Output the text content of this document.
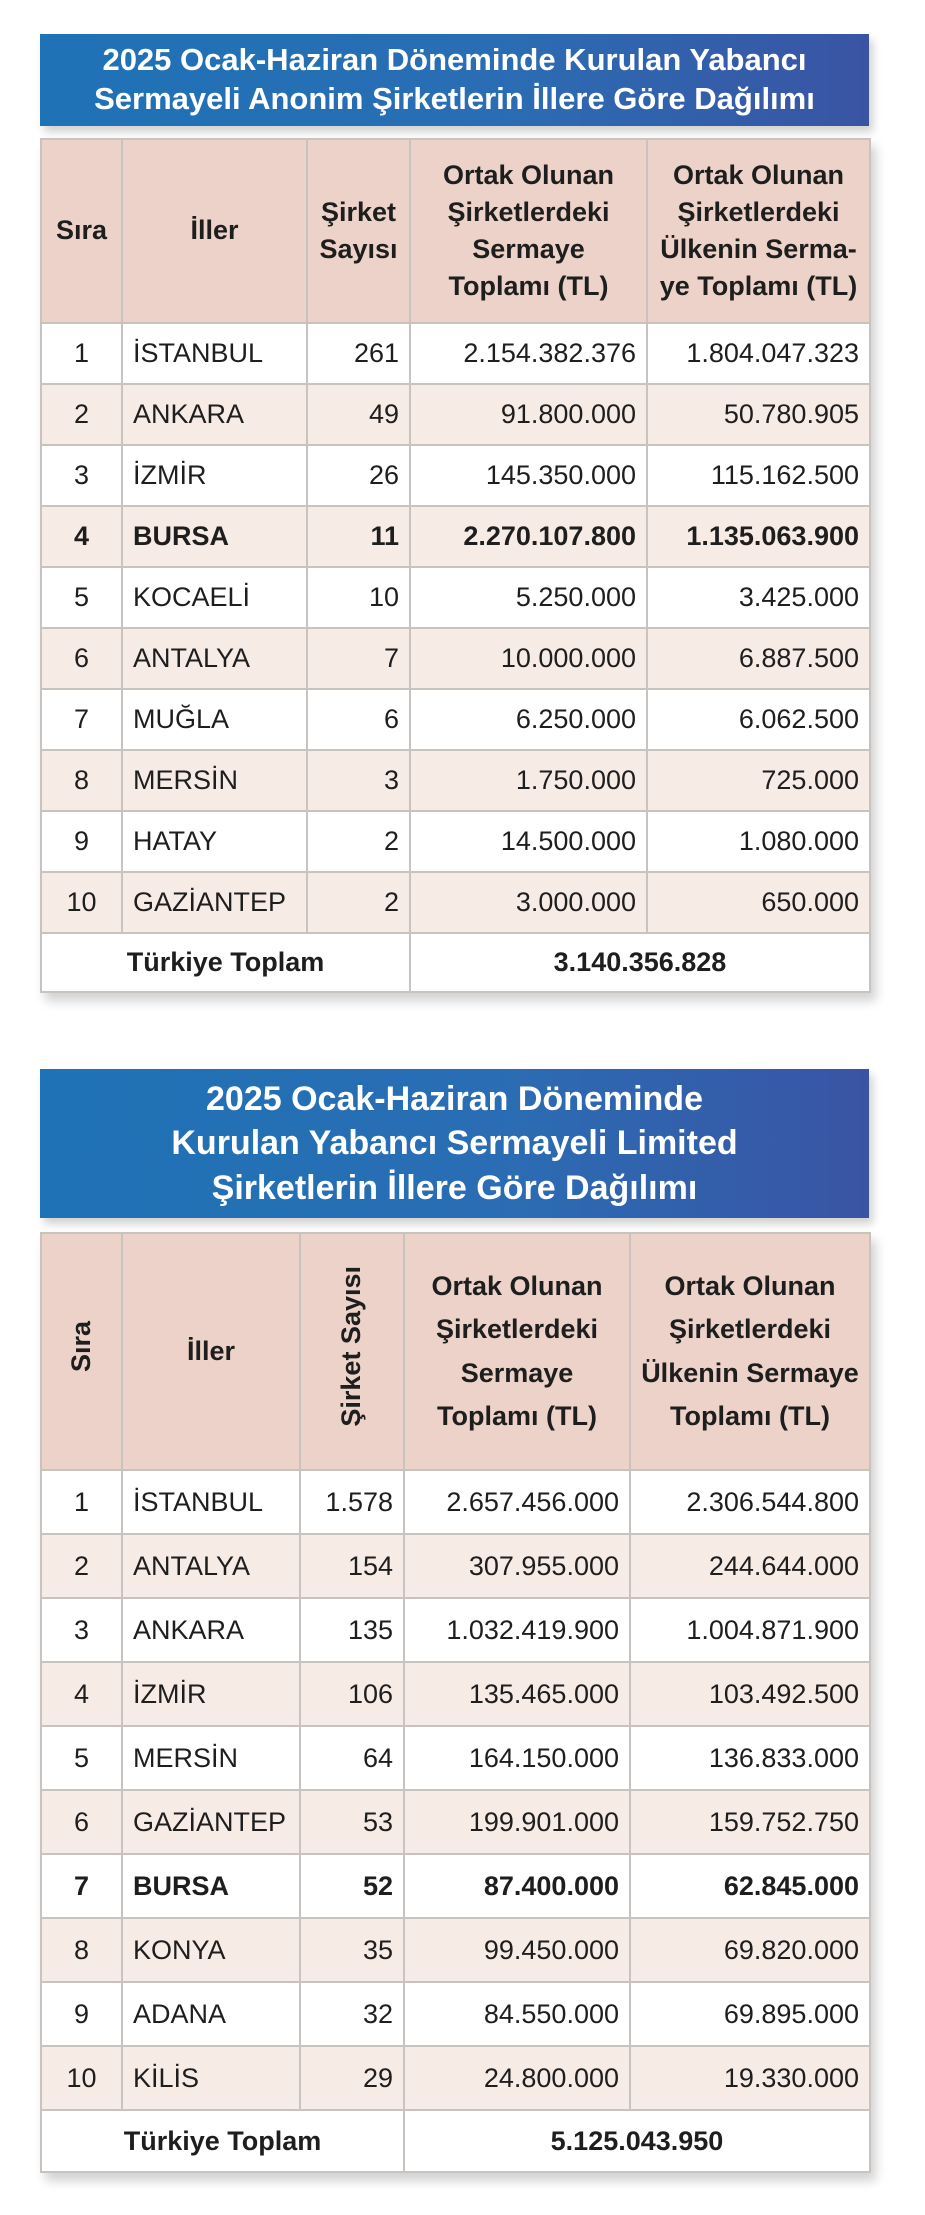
2025 Ocak-Haziran Döneminde Kurulan Yabancı
Sermayeli Anonim Şirketlerin İllere Göre Dağılımı
Sıra	İller	Şirket Sayısı	Ortak Olunan Şirketlerdeki Sermaye Toplamı (TL)	Ortak Olunan Şirketlerdeki Ülkenin Serma-ye Toplamı (TL)
1	İSTANBUL	261	2.154.382.376	1.804.047.323
2	ANKARA	49	91.800.000	50.780.905
3	İZMİR	26	145.350.000	115.162.500
4	BURSA	11	2.270.107.800	1.135.063.900
5	KOCAELİ	10	5.250.000	3.425.000
6	ANTALYA	7	10.000.000	6.887.500
7	MUĞLA	6	6.250.000	6.062.500
8	MERSİN	3	1.750.000	725.000
9	HATAY	2	14.500.000	1.080.000
10	GAZİANTEP	2	3.000.000	650.000
Türkiye Toplam			3.140.356.828	
2025 Ocak-Haziran Döneminde
Kurulan Yabancı Sermayeli Limited
Şirketlerin İllere Göre Dağılımı
Sıra	İller	Şirket Sayısı	Ortak Olunan Şirketlerdeki Sermaye Toplamı (TL)	Ortak Olunan Şirketlerdeki Ülkenin Sermaye Toplamı (TL)
1	İSTANBUL	1.578	2.657.456.000	2.306.544.800
2	ANTALYA	154	307.955.000	244.644.000
3	ANKARA	135	1.032.419.900	1.004.871.900
4	İZMİR	106	135.465.000	103.492.500
5	MERSİN	64	164.150.000	136.833.000
6	GAZİANTEP	53	199.901.000	159.752.750
7	BURSA	52	87.400.000	62.845.000
8	KONYA	35	99.450.000	69.820.000
9	ADANA	32	84.550.000	69.895.000
10	KİLİS	29	24.800.000	19.330.000
Türkiye Toplam			5.125.043.950	
